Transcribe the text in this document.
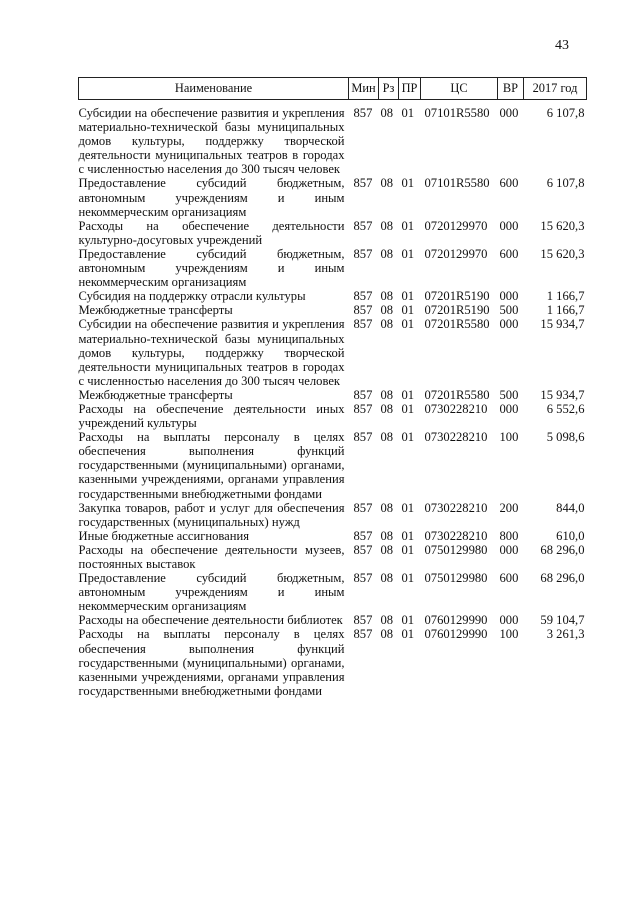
43
Наименование	Мин	Рз	ПР	ЦС	ВР	2017 год

Субсидии на обеспечение развития и укрепления материально-технической базы муниципальных домов культуры, поддержку творческой деятельности муниципальных театров в городах с численностью населения до 300 тысяч человек	857	08	01	07101R5580	000	6 107,8
Предоставление субсидий бюджетным, автономным учреждениям и иным некоммерческим организациям	857	08	01	07101R5580	600	6 107,8
Расходы на обеспечение деятельности культурно-досуговых учреждений	857	08	01	0720129970	000	15 620,3
Предоставление субсидий бюджетным, автономным учреждениям и иным некоммерческим организациям	857	08	01	0720129970	600	15 620,3
Субсидия на поддержку отрасли культуры	857	08	01	07201R5190	000	1 166,7
Межбюджетные трансферты	857	08	01	07201R5190	500	1 166,7
Субсидии на обеспечение развития и укрепления материально-технической базы муниципальных домов культуры, поддержку творческой деятельности муниципальных театров в городах с численностью населения до 300 тысяч человек	857	08	01	07201R5580	000	15 934,7
Межбюджетные трансферты	857	08	01	07201R5580	500	15 934,7
Расходы на обеспечение деятельности иных учреждений культуры	857	08	01	0730228210	000	6 552,6
Расходы на выплаты персоналу в целях обеспечения выполнения функций государственными (муниципальными) органами, казенными учреждениями, органами управления государственными внебюджетными фондами	857	08	01	0730228210	100	5 098,6
Закупка товаров, работ и услуг для обеспечения государственных (муниципальных) нужд	857	08	01	0730228210	200	844,0
Иные бюджетные ассигнования	857	08	01	0730228210	800	610,0
Расходы на обеспечение деятельности музеев, постоянных выставок	857	08	01	0750129980	000	68 296,0
Предоставление субсидий бюджетным, автономным учреждениям и иным некоммерческим организациям	857	08	01	0750129980	600	68 296,0
Расходы на обеспечение деятельности библиотек	857	08	01	0760129990	000	59 104,7
Расходы на выплаты персоналу в целях обеспечения выполнения функций государственными (муниципальными) органами, казенными учреждениями, органами управления государственными внебюджетными фондами	857	08	01	0760129990	100	3 261,3
